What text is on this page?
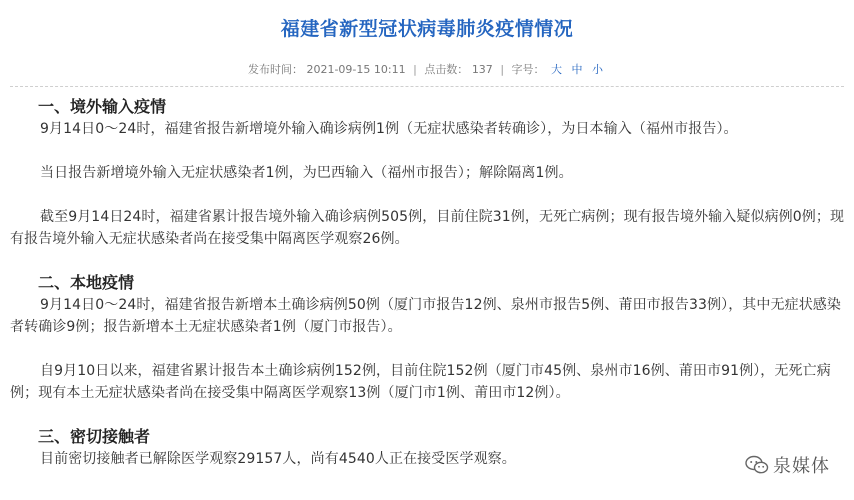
福建省新型冠状病毒肺炎疫情情况
发布时间： 2021-09-15 10:11 | 点击数： 137 | 字号： 大 中 小

一、境外输入疫情

9月14日0～24时，福建省报告新增境外输入确诊病例1例（无症状感染者转确诊），为日本输入（福州市报告）。

当日报告新增境外输入无症状感染者1例，为巴西输入（福州市报告）；解除隔离1例。

截至9月14日24时，福建省累计报告境外输入确诊病例505例，目前住院31例，无死亡病例；现有报告境外输入疑似病例0例；现有报告境外输入无症状感染者尚在接受集中隔离医学观察26例。

二、本地疫情

9月14日0～24时，福建省报告新增本土确诊病例50例（厦门市报告12例、泉州市报告5例、莆田市报告33例），其中无症状感染者转确诊9例；报告新增本土无症状感染者1例（厦门市报告）。

自9月10日以来，福建省累计报告本土确诊病例152例，目前住院152例（厦门市45例、泉州市16例、莆田市91例），无死亡病例；现有本土无症状感染者尚在接受集中隔离医学观察13例（厦门市1例、莆田市12例）。

三、密切接触者

目前密切接触者已解除医学观察29157人，尚有4540人正在接受医学观察。	泉媒体
